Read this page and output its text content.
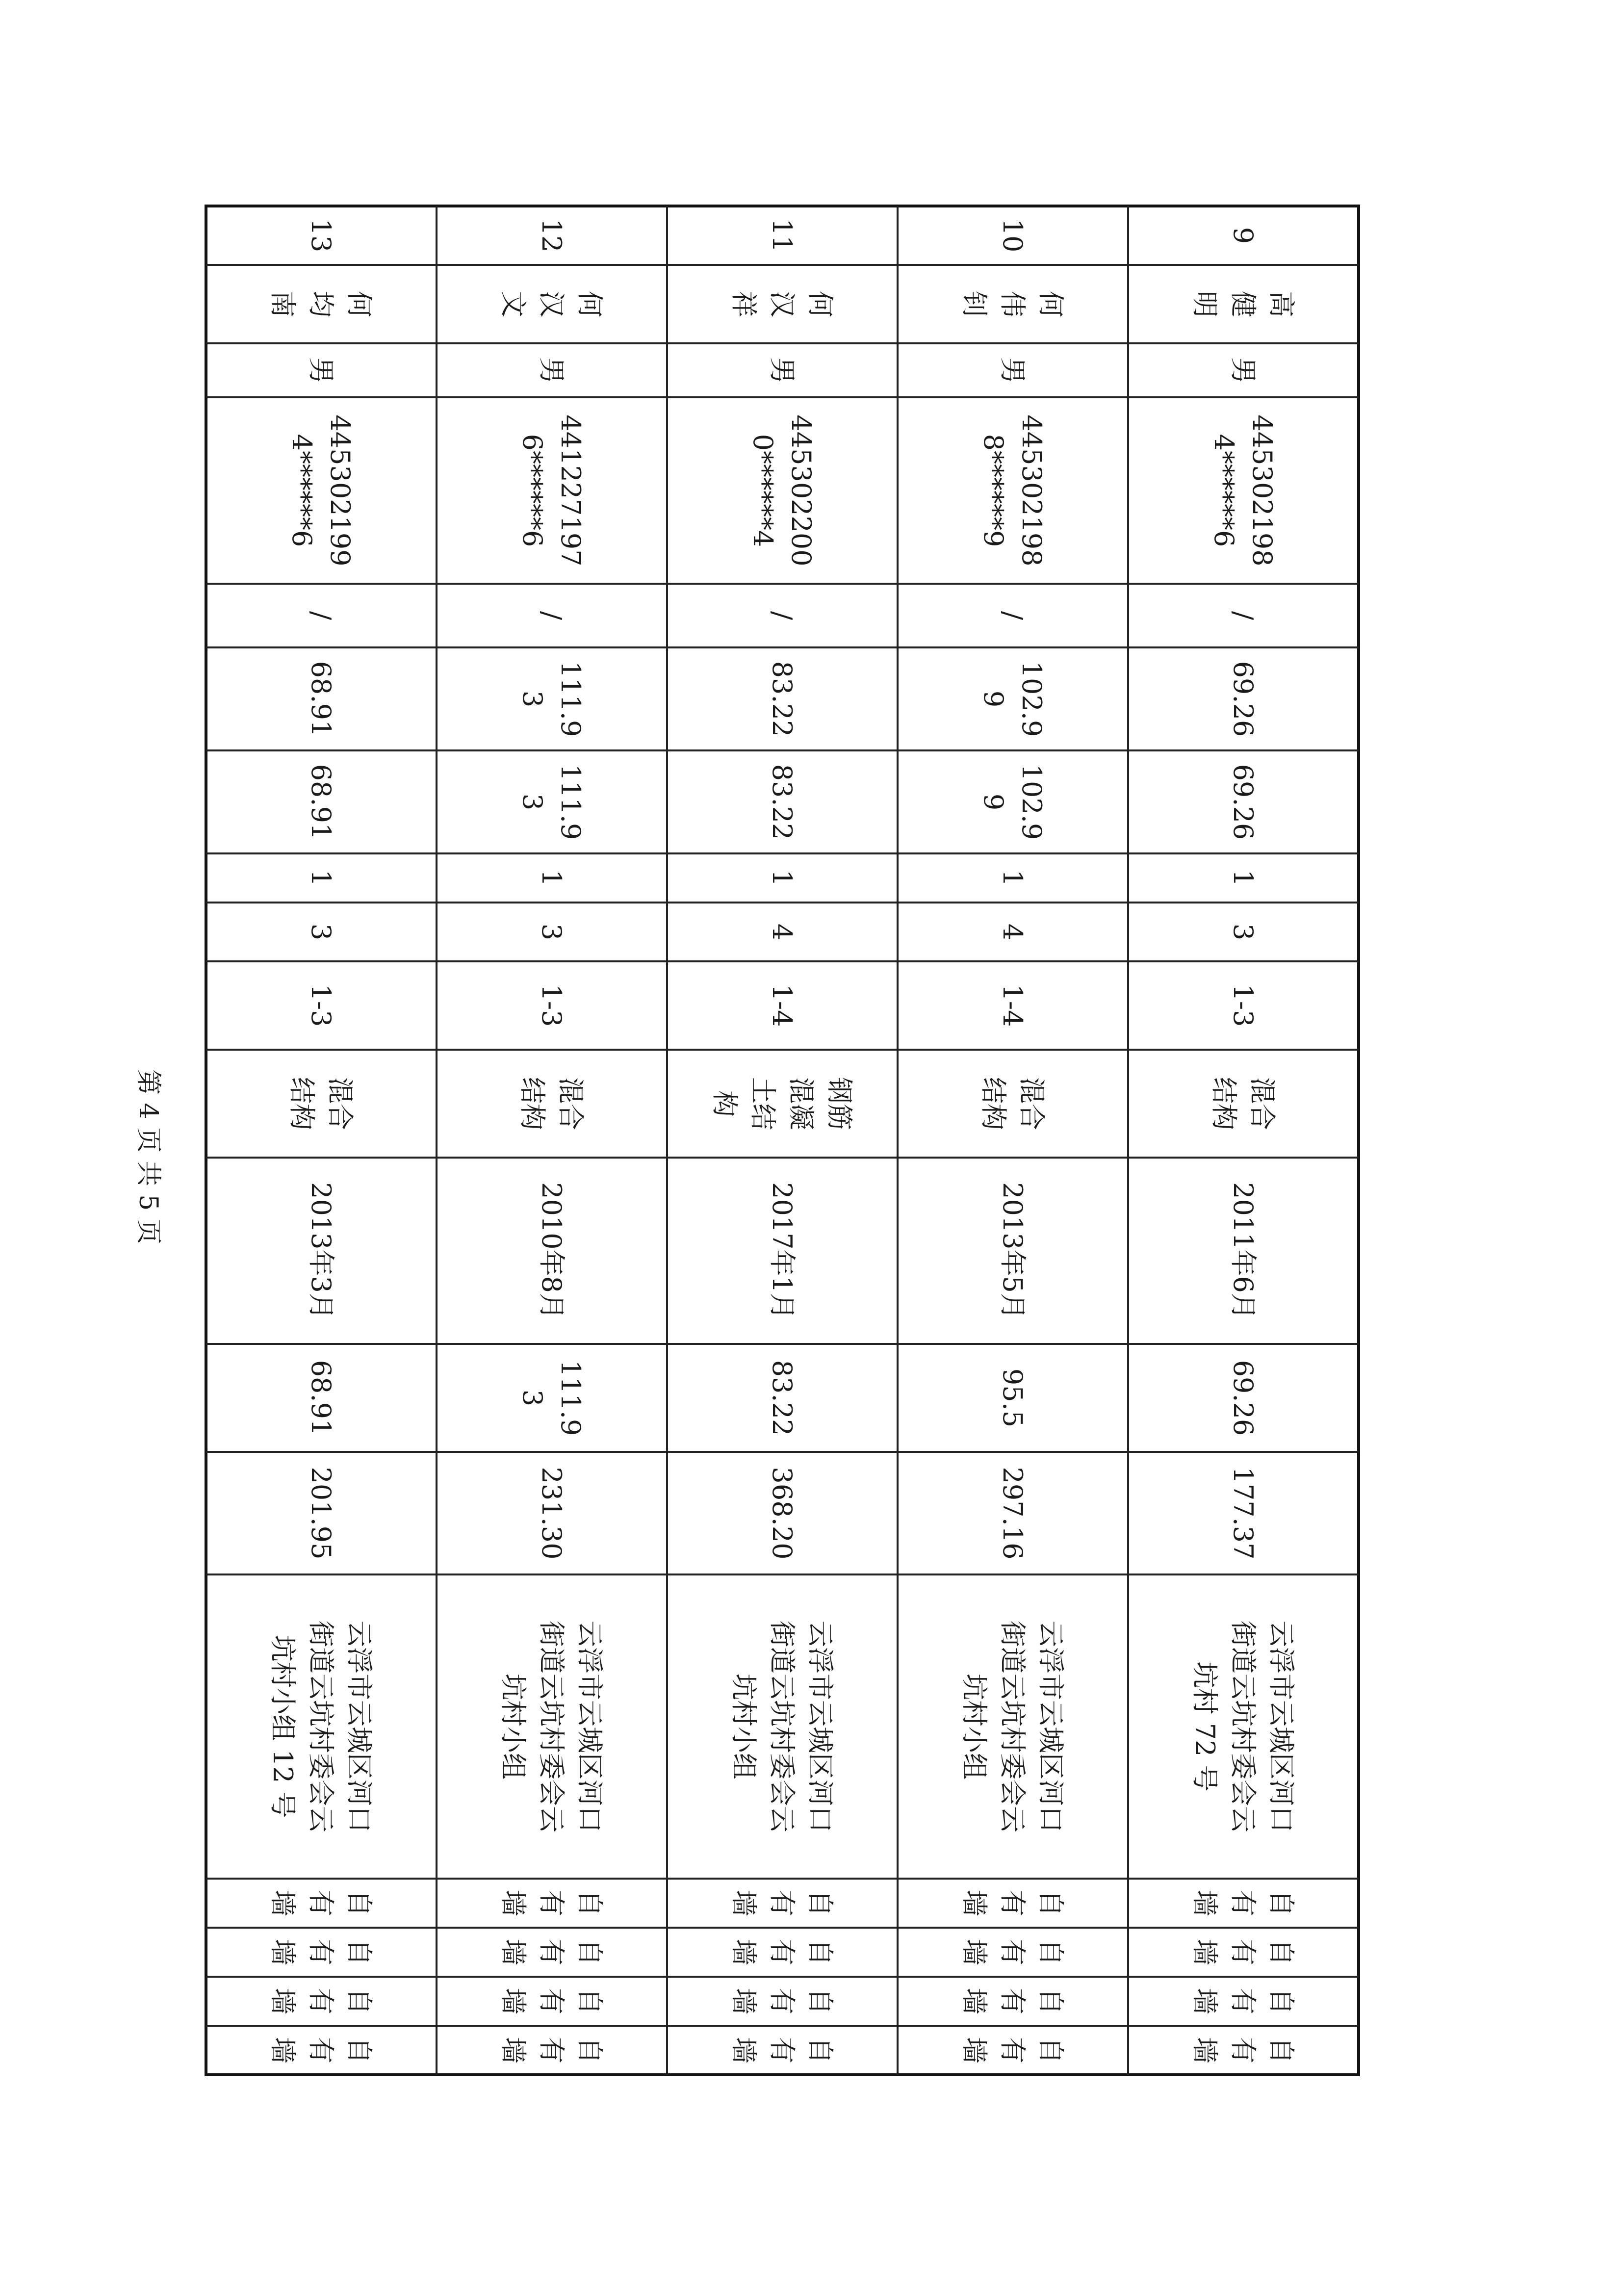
9
高
健
明
男
445302198
4******6
/
69.26
69.26
1
3
1-3
混合
结构
2011年6月
69.26
177.37
云浮市云城区河口
街道云坑村委会云
坑村 72 号
自
有
墙
自
有
墙
自
有
墙
自
有
墙
10
何
伟
钊
男
445302198
8******9
/
102.9
9
102.9
9
1
4
1-4
混合
结构
2013年5月
95.5
297.16
云浮市云城区河口
街道云坑村委会云
坑村小组
自
有
墙
自
有
墙
自
有
墙
自
有
墙
11
何
汉
祥
男
445302200
0******4
/
83.22
83.22
1
4
1-4
钢筋
混凝
土结
构
2017年1月
83.22
368.20
云浮市云城区河口
街道云坑村委会云
坑村小组
自
有
墙
自
有
墙
自
有
墙
自
有
墙
12
何
汉
文
男
441227197
6******6
/
111.9
3
111.9
3
1
3
1-3
混合
结构
2010年8月
111.9
3
231.30
云浮市云城区河口
街道云坑村委会云
坑村小组
自
有
墙
自
有
墙
自
有
墙
自
有
墙
13
何
均
南
男
445302199
4******6
/
68.91
68.91
1
3
1-3
混合
结构
2013年3月
68.91
201.95
云浮市云城区河口
街道云坑村委会云
坑村小组 12 号
自
有
墙
自
有
墙
自
有
墙
自
有
墙
第 4 页 共 5 页
